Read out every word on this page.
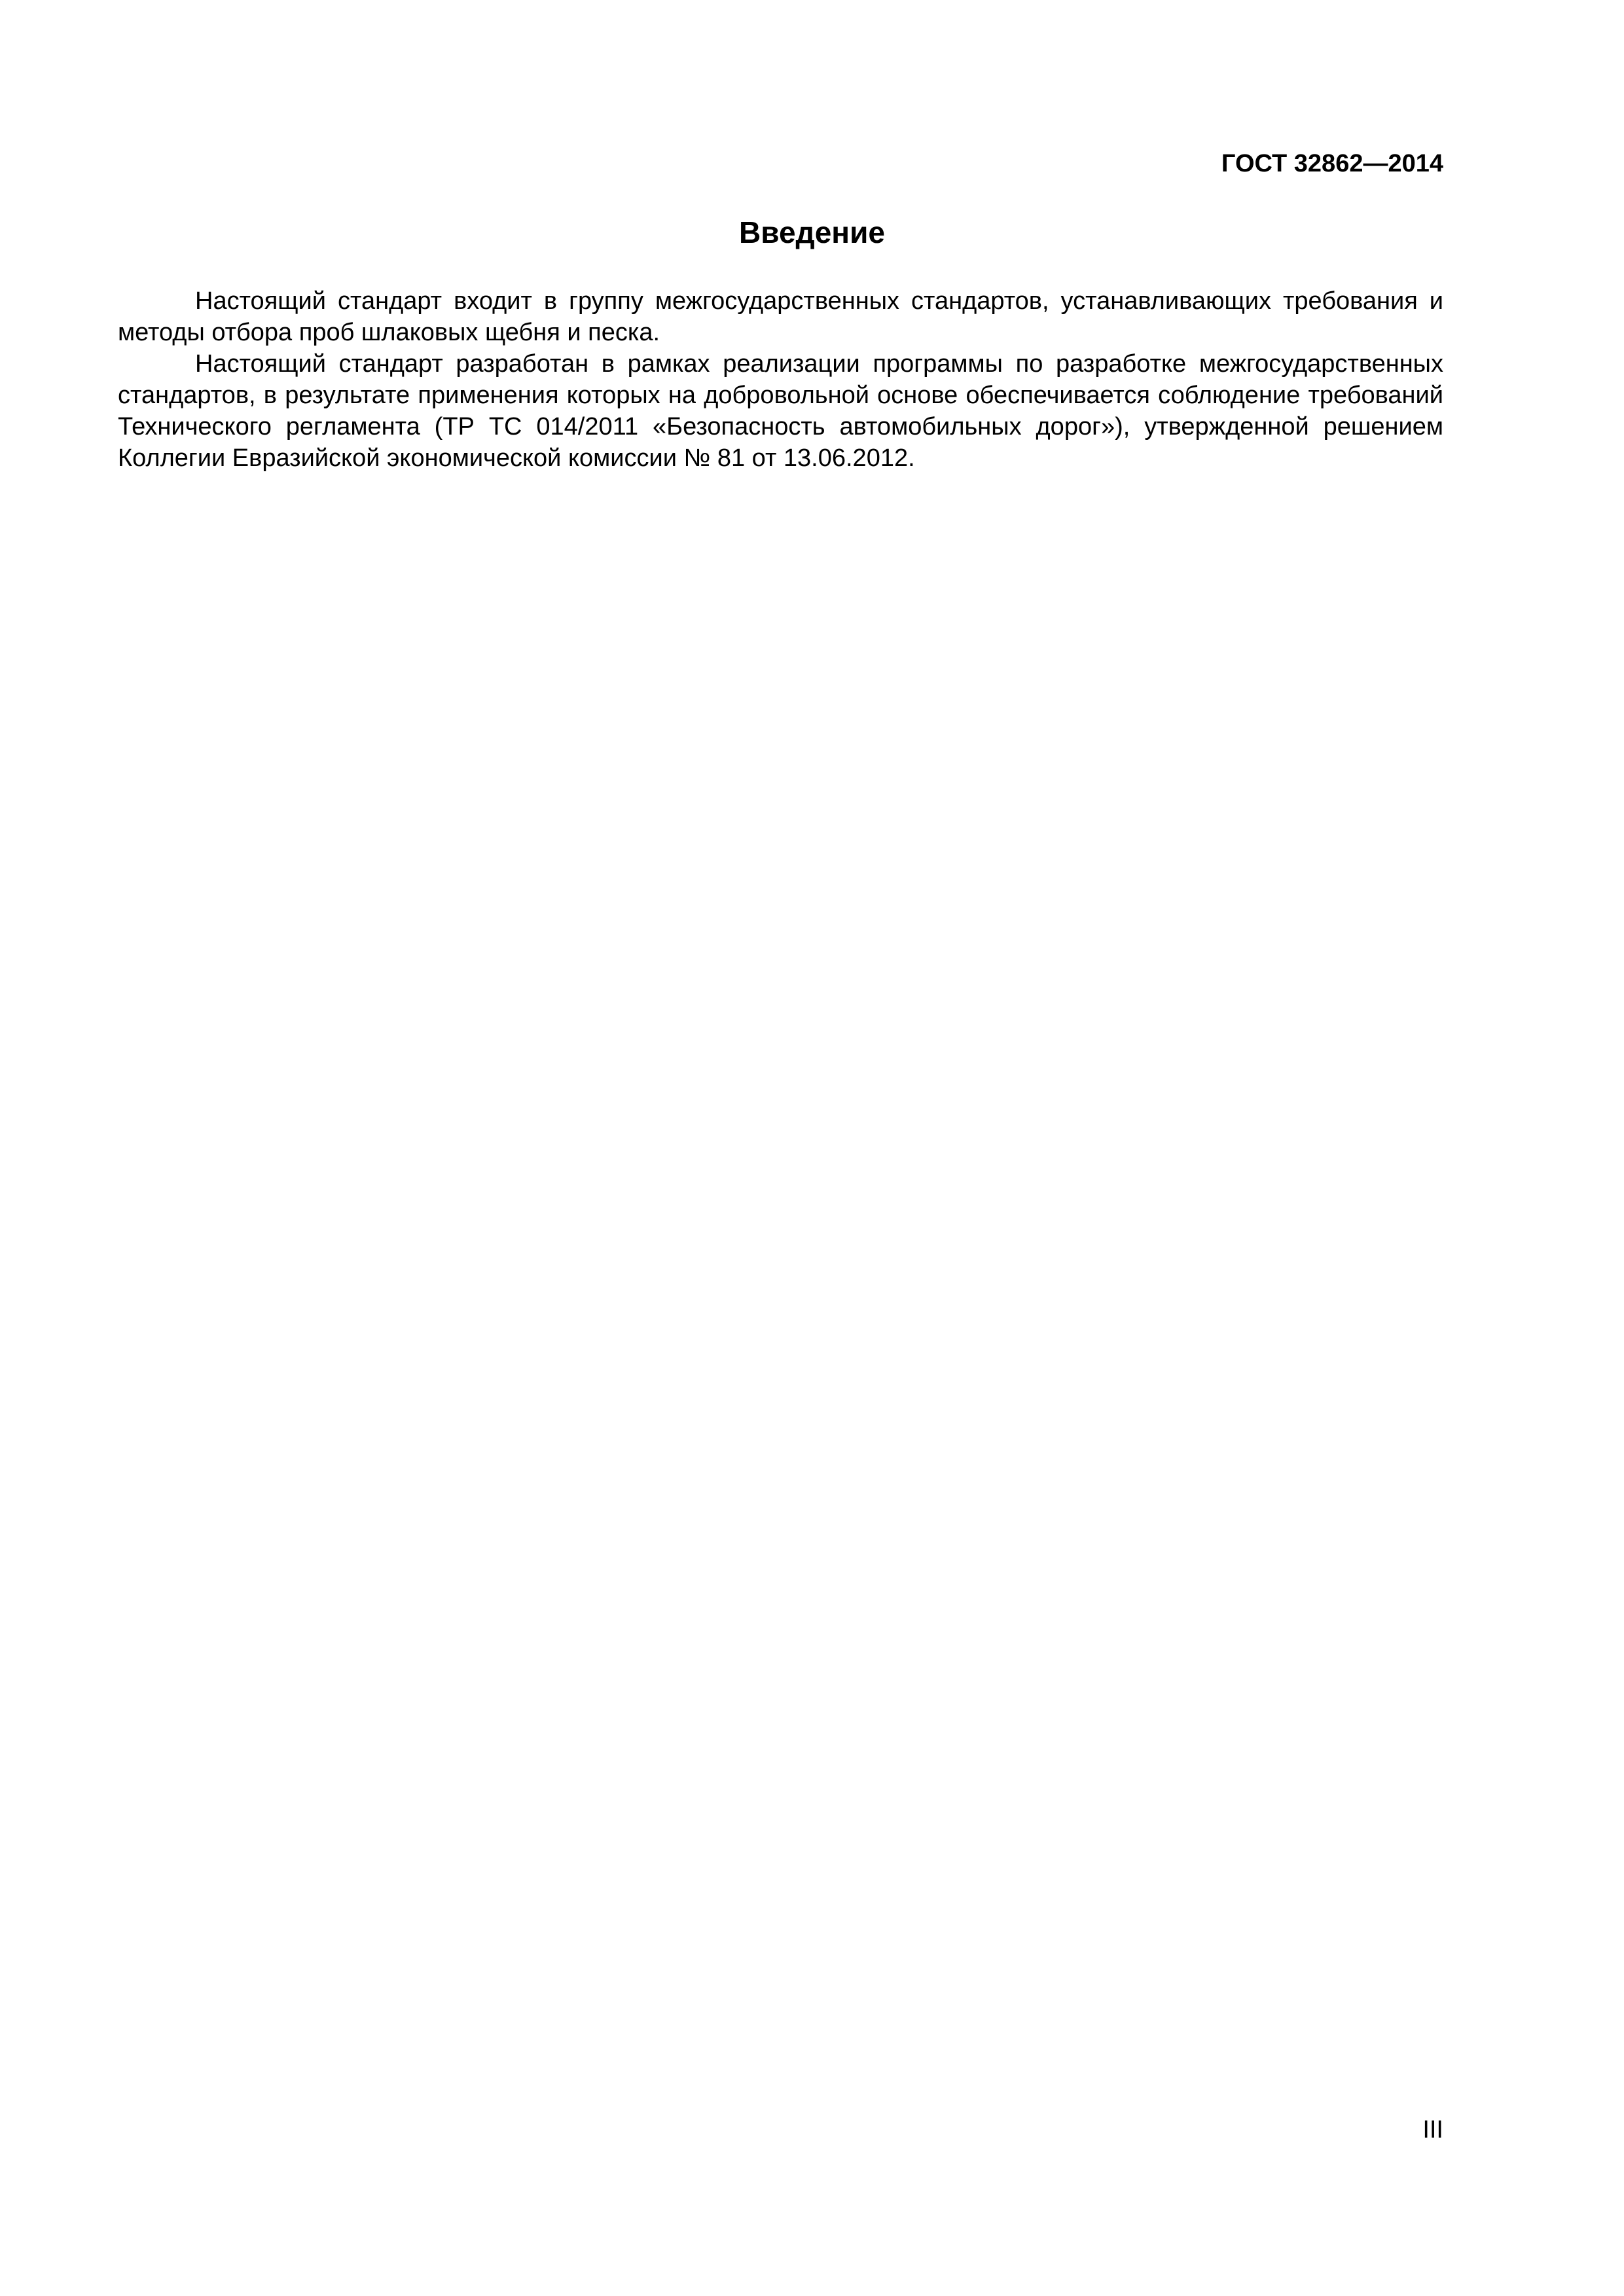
ГОСТ 32862—2014
Введение

Настоящий стандарт входит в группу межгосударственных стандартов, устанавливающих требования и методы отбора проб шлаковых щебня и песка.

Настоящий стандарт разработан в рамках реализации программы по разработке межгосударственных стандартов, в результате применения которых на добровольной основе обеспечивается соблюдение требований Технического регламента (ТР ТС 014/2011 «Безопасность автомобильных дорог»), утвержденной решением Коллегии Евразийской экономической комиссии № 81 от 13.06.2012.

III
